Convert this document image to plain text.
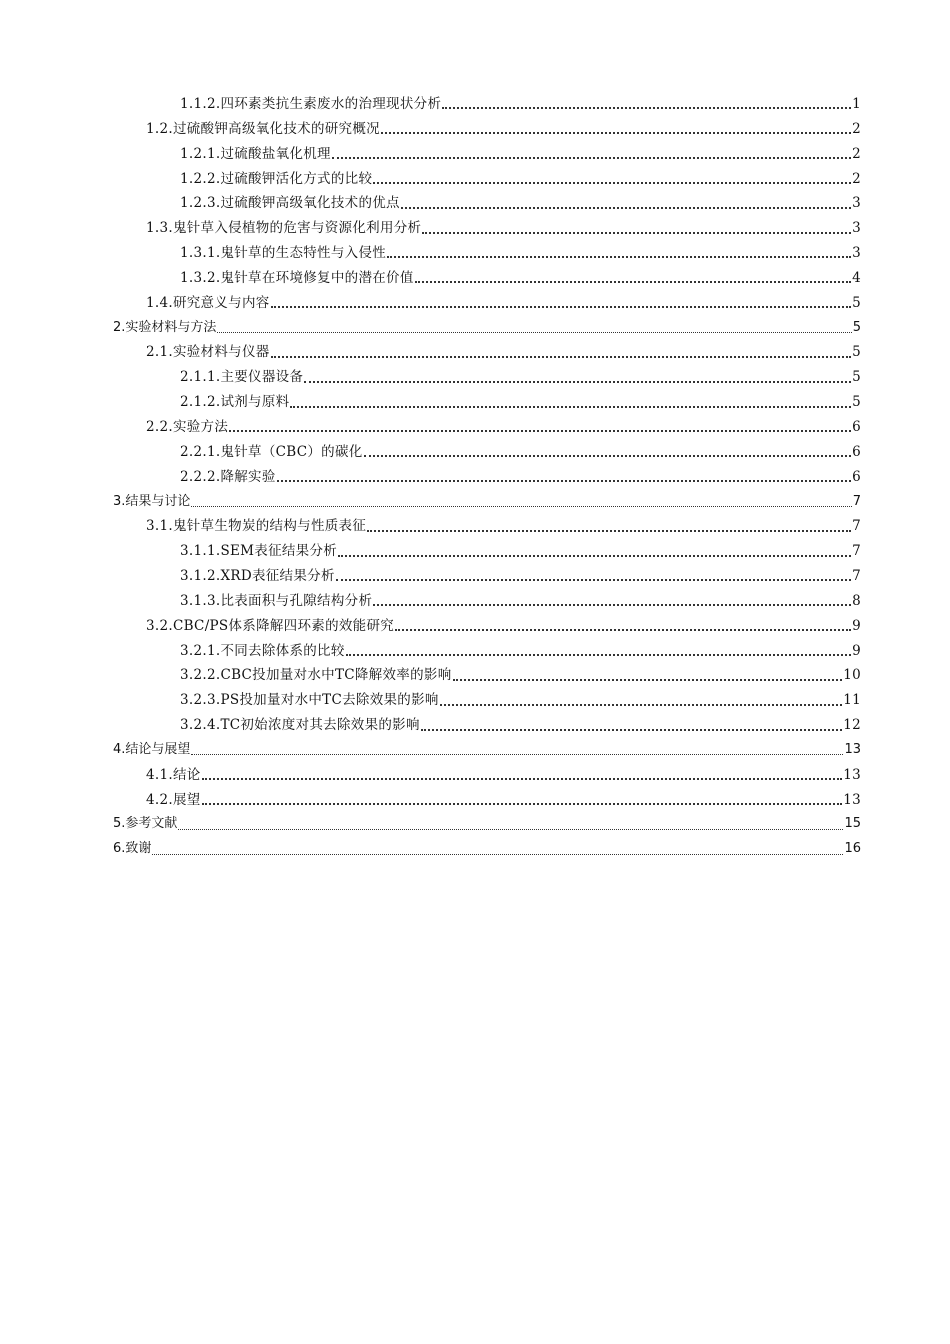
1.1.2.四环素类抗生素废水的治理现状分析	1
1.2.过硫酸钾高级氧化技术的研究概况	2
1.2.1.过硫酸盐氧化机理	2
1.2.2.过硫酸钾活化方式的比较	2
1.2.3.过硫酸钾高级氧化技术的优点	3
1.3.鬼针草入侵植物的危害与资源化利用分析	3
1.3.1.鬼针草的生态特性与入侵性	3
1.3.2.鬼针草在环境修复中的潜在价值	4
1.4.研究意义与内容	5
2.实验材料与方法	5
2.1.实验材料与仪器	5
2.1.1.主要仪器设备	5
2.1.2.试剂与原料	5
2.2.实验方法	6
2.2.1.鬼针草（CBC）的碳化	6
2.2.2.降解实验	6
3.结果与讨论	7
3.1.鬼针草生物炭的结构与性质表征	7
3.1.1.SEM表征结果分析	7
3.1.2.XRD表征结果分析	7
3.1.3.比表面积与孔隙结构分析	8
3.2.CBC/PS体系降解四环素的效能研究	9
3.2.1.不同去除体系的比较	9
3.2.2.CBC投加量对水中TC降解效率的影响	10
3.2.3.PS投加量对水中TC去除效果的影响	11
3.2.4.TC初始浓度对其去除效果的影响	12
4.结论与展望	13
4.1.结论	13
4.2.展望	13
5.参考文献	15
6.致谢	16
